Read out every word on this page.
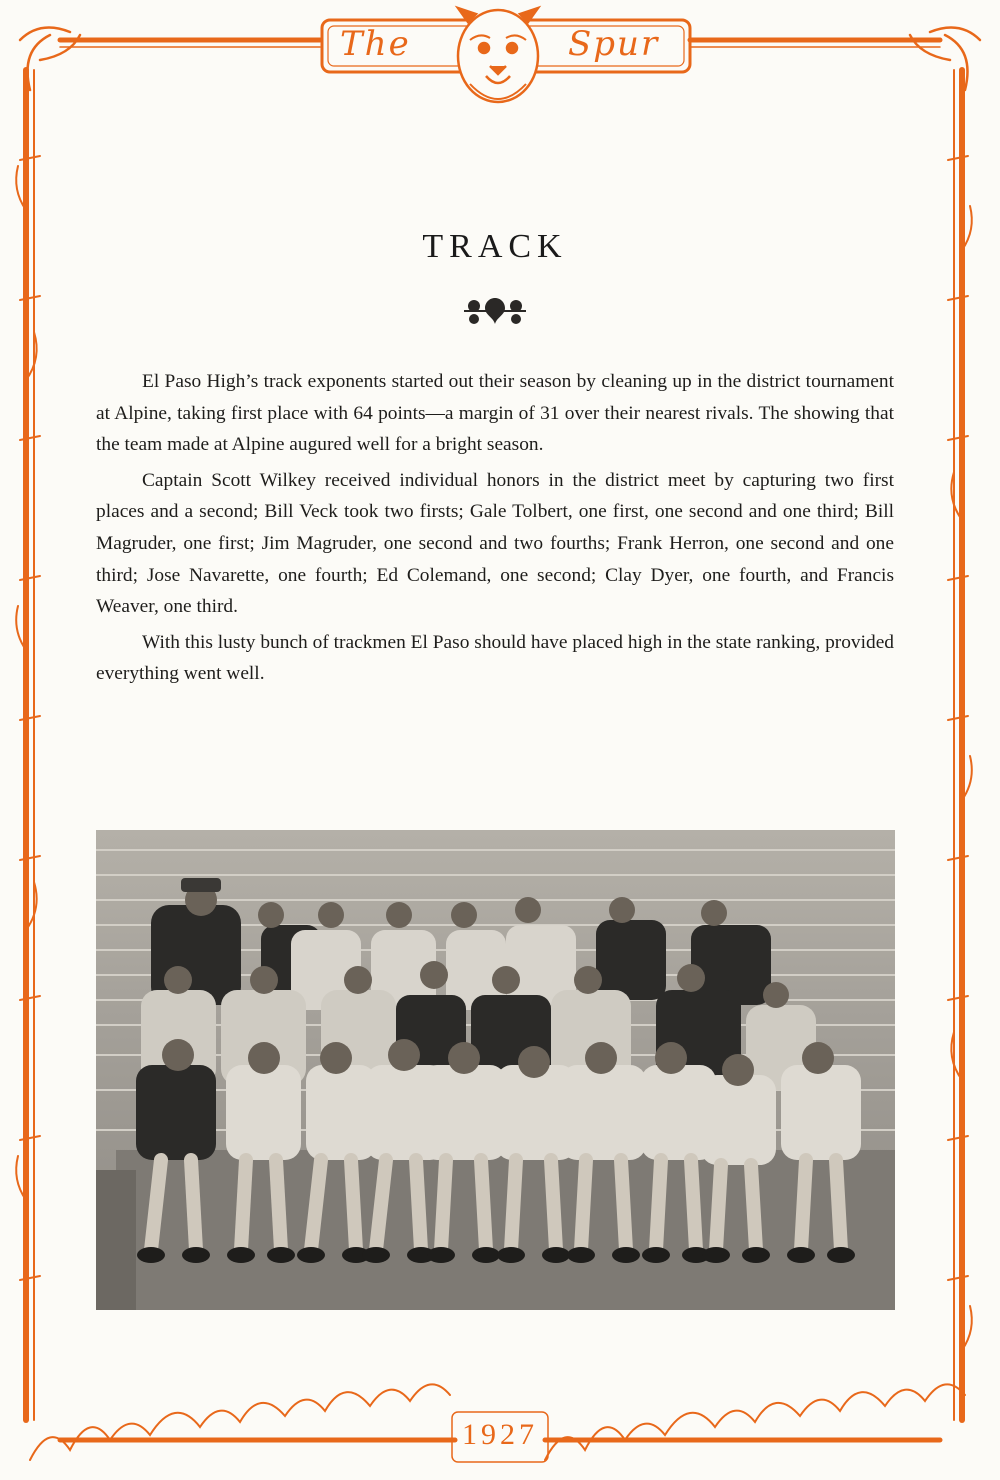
The	Spur
TRACK

El Paso High’s track exponents started out their season by cleaning up in the district tournament at Alpine, taking first place with 64 points—a margin of 31 over their nearest rivals. The showing that the team made at Alpine augured well for a bright season.

Captain Scott Wilkey received individual honors in the district meet by capturing two first places and a second; Bill Veck took two firsts; Gale Tolbert, one first, one second and one third; Bill Magruder, one first; Jim Magruder, one second and two fourths; Frank Herron, one second and one third; Jose Navarette, one fourth; Ed Colemand, one second; Clay Dyer, one fourth, and Francis Weaver, one third.

With this lusty bunch of trackmen El Paso should have placed high in the state ranking, provided everything went well.

1927
